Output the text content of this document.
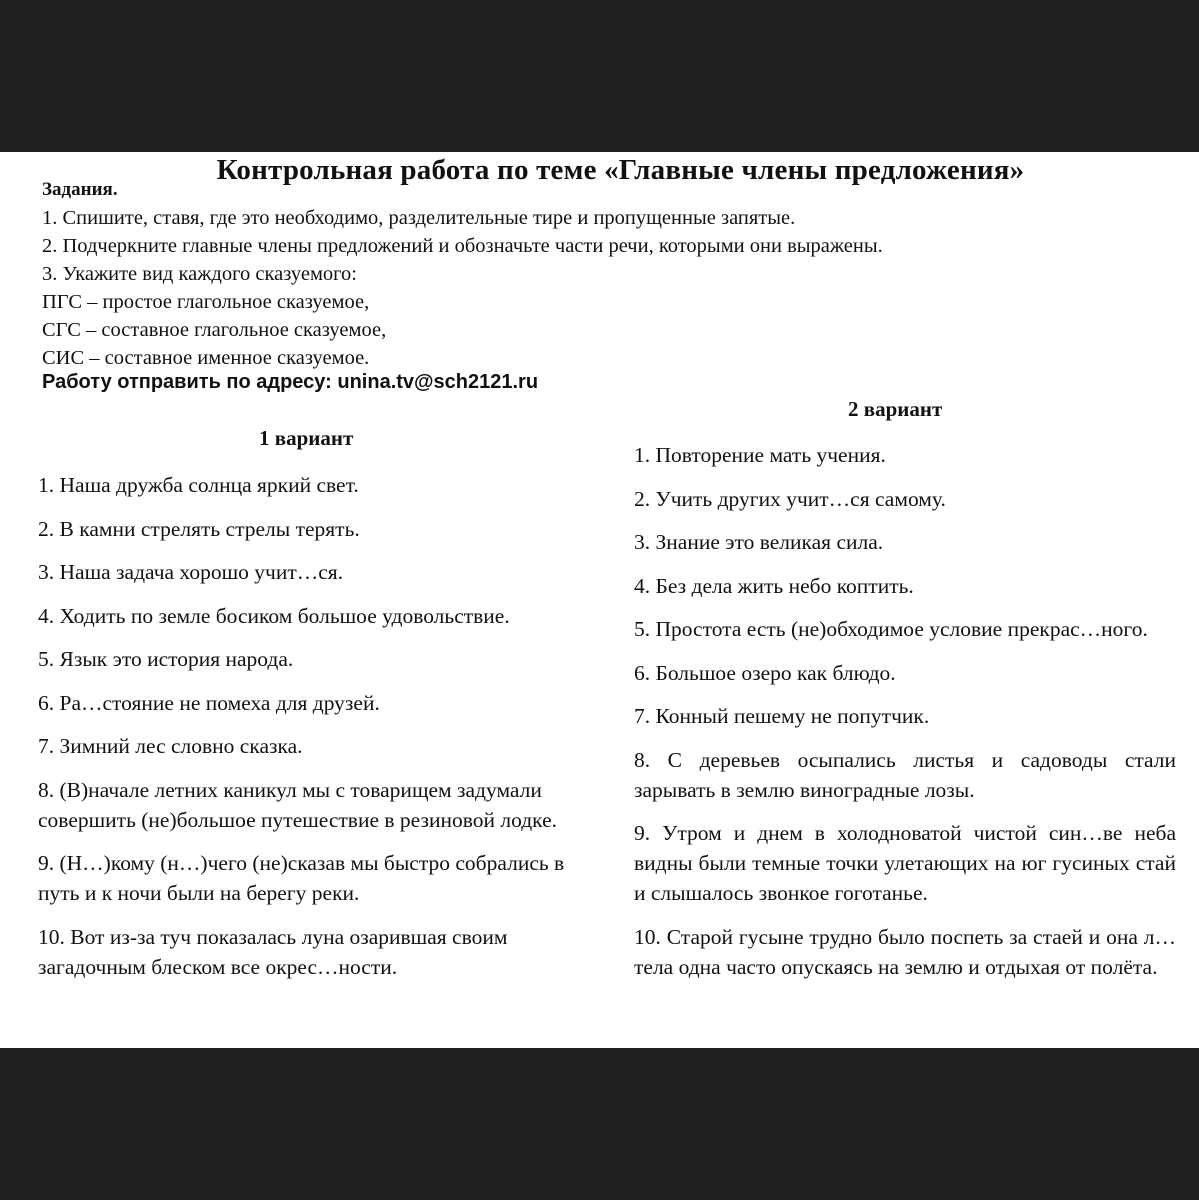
Контрольная работа по теме «Главные члены предложения»
Задания.
1. Спишите, ставя, где это необходимо, разделительные тире и пропущенные запятые.
2. Подчеркните главные члены предложений и обозначьте части речи, которыми они выражены.
3. Укажите вид каждого сказуемого:
ПГС – простое глагольное сказуемое,
СГС – составное глагольное сказуемое,
СИС – составное именное сказуемое.
Работу отправить по адресу: unina.tv@sch2121.ru
1 вариант
2 вариант
1. Наша дружба солнца яркий свет.
2. В камни стрелять стрелы терять.
3. Наша задача хорошо учит…ся.
4. Ходить по земле босиком большое удовольствие.
5. Язык это история народа.
6. Ра…стояние не помеха для друзей.
7. Зимний лес словно сказка.
8. (В)начале летних каникул мы с товарищем задумали совершить (не)большое путешествие в резиновой лодке.
9. (Н…)кому (н…)чего (не)сказав мы быстро собрались в путь и к ночи были на берегу реки.
10. Вот из-за туч показалась луна озарившая своим загадочным блеском все окрес…ности.
1. Повторение мать учения.
2. Учить других учит…ся самому.
3. Знание это великая сила.
4. Без дела жить небо коптить.
5. Простота есть (не)обходимое условие прекрас…ного.
6. Большое озеро как блюдо.
7. Конный пешему не попутчик.
8. С деревьев осыпались листья и садоводы стали зарывать в землю виноградные лозы.
9. Утром и днем в холодноватой чистой син…ве неба видны были темные точки улетающих на юг гусиных стай и слышалось звонкое гоготанье.
10. Старой гусыне трудно было поспеть за стаей и она л…тела одна часто опускаясь на землю и отдыхая от полёта.
